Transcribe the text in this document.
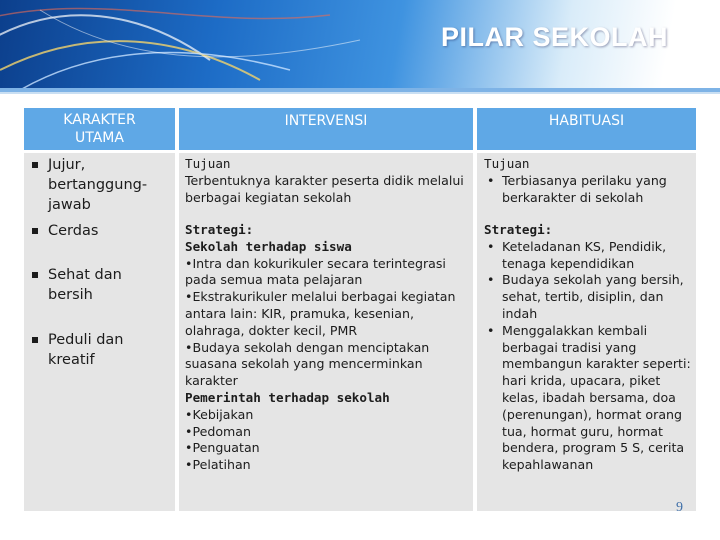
PILAR SEKOLAH
KARAKTER UTAMA
INTERVENSI	HABITUASI
Jujur, bertanggung-jawab
Cerdas
Sehat dan bersih
Peduli dan kreatif
Tujuan
Terbentuknya karakter peserta didik melalui berbagai kegiatan sekolah
Strategi:
Sekolah terhadap siswa
•Intra dan kokurikuler secara terintegrasi pada semua mata pelajaran
•Ekstrakurikuler melalui berbagai kegiatan antara lain: KIR, pramuka, kesenian, olahraga, dokter kecil, PMR
•Budaya sekolah dengan menciptakan suasana sekolah yang mencerminkan karakter
Pemerintah terhadap sekolah
•Kebijakan
•Pedoman
•Penguatan
•Pelatihan
Tujuan
• Terbiasanya perilaku yang berkarakter di sekolah
Strategi:
• Keteladanan KS, Pendidik, tenaga kependidikan
• Budaya sekolah yang bersih, sehat, tertib, disiplin, dan indah
• Menggalakkan kembali berbagai tradisi yang membangun karakter seperti: hari krida, upacara, piket kelas, ibadah bersama, doa (perenungan), hormat orang tua, hormat guru, hormat bendera, program 5 S, cerita kepahlawanan
9
